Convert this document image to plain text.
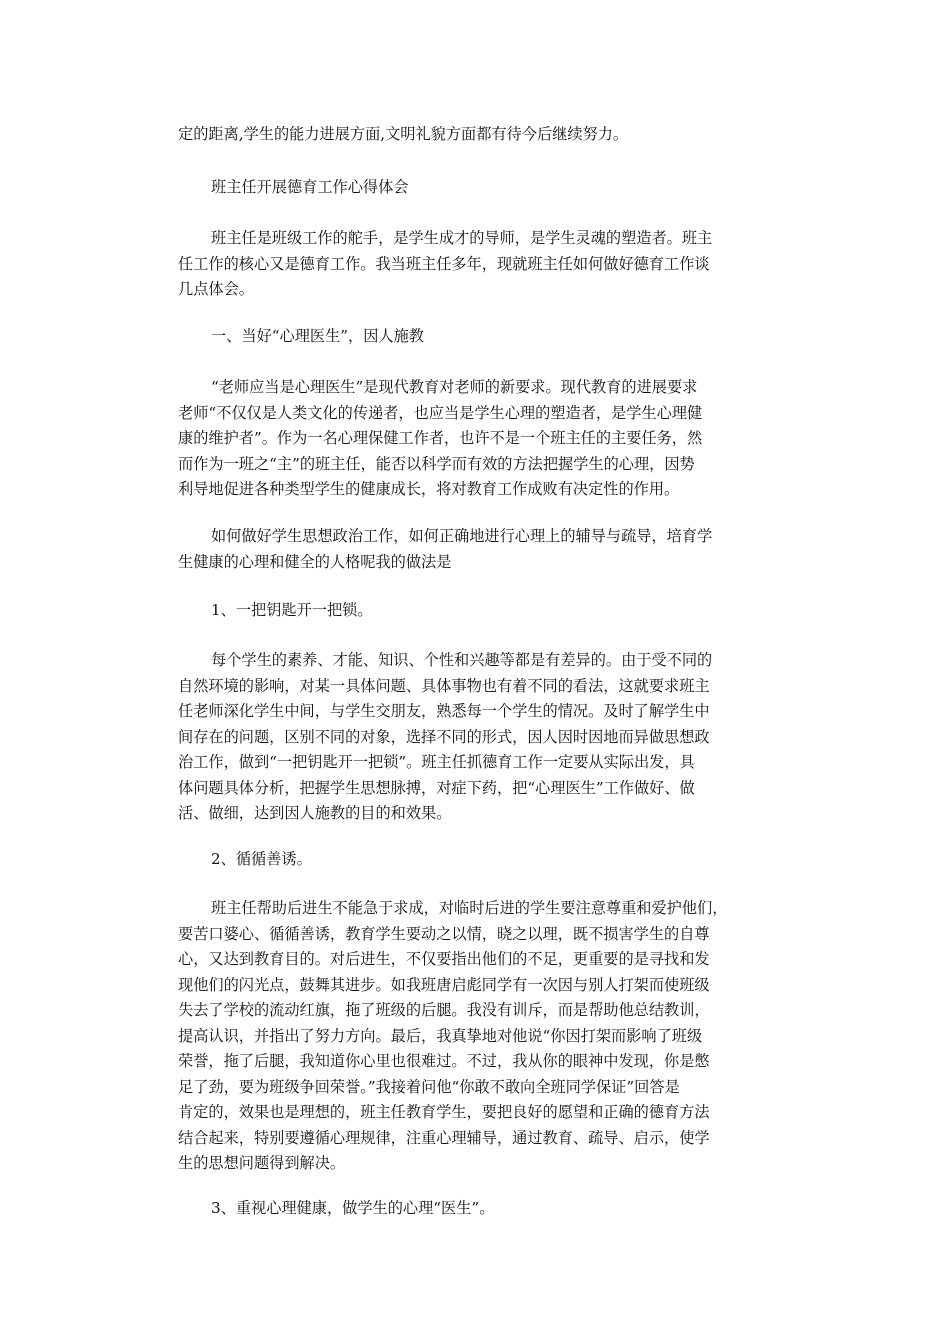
定的距离,学生的能力进展方面,文明礼貌方面都有待今后继续努力。

班主任开展德育工作心得体会

班主任是班级工作的舵手，是学生成才的导师，是学生灵魂的塑造者。班主
任工作的核心又是德育工作。我当班主任多年，现就班主任如何做好德育工作谈
几点体会。

一、当好“心理医生”，因人施教

“老师应当是心理医生”是现代教育对老师的新要求。现代教育的进展要求
老师“不仅仅是人类文化的传递者，也应当是学生心理的塑造者，是学生心理健
康的维护者”。作为一名心理保健工作者，也许不是一个班主任的主要任务，然
而作为一班之“主”的班主任，能否以科学而有效的方法把握学生的心理，因势
利导地促进各种类型学生的健康成长，将对教育工作成败有决定性的作用。

如何做好学生思想政治工作，如何正确地进行心理上的辅导与疏导，培育学
生健康的心理和健全的人格呢我的做法是

1、一把钥匙开一把锁。

每个学生的素养、才能、知识、个性和兴趣等都是有差异的。由于受不同的
自然环境的影响，对某一具体问题、具体事物也有着不同的看法，这就要求班主
任老师深化学生中间，与学生交朋友，熟悉每一个学生的情况。及时了解学生中
间存在的问题，区别不同的对象，选择不同的形式，因人因时因地而异做思想政
治工作，做到“一把钥匙开一把锁”。班主任抓德育工作一定要从实际出发，具
体问题具体分析，把握学生思想脉搏，对症下药，把“心理医生”工作做好、做
活、做细，达到因人施教的目的和效果。

2、循循善诱。

班主任帮助后进生不能急于求成，对临时后进的学生要注意尊重和爱护他们，
要苦口婆心、循循善诱，教育学生要动之以情，晓之以理，既不损害学生的自尊
心，又达到教育目的。对后进生，不仅要指出他们的不足，更重要的是寻找和发
现他们的闪光点，鼓舞其进步。如我班唐启彪同学有一次因与别人打架而使班级
失去了学校的流动红旗，拖了班级的后腿。我没有训斥，而是帮助他总结教训，
提高认识，并指出了努力方向。最后，我真挚地对他说“你因打架而影响了班级
荣誉，拖了后腿，我知道你心里也很难过。不过，我从你的眼神中发现，你是憋
足了劲，要为班级争回荣誉。”我接着问他“你敢不敢向全班同学保证”回答是
肯定的，效果也是理想的，班主任教育学生，要把良好的愿望和正确的德育方法
结合起来，特别要遵循心理规律，注重心理辅导，通过教育、疏导、启示，使学
生的思想问题得到解决。

3、重视心理健康，做学生的心理“医生”。
